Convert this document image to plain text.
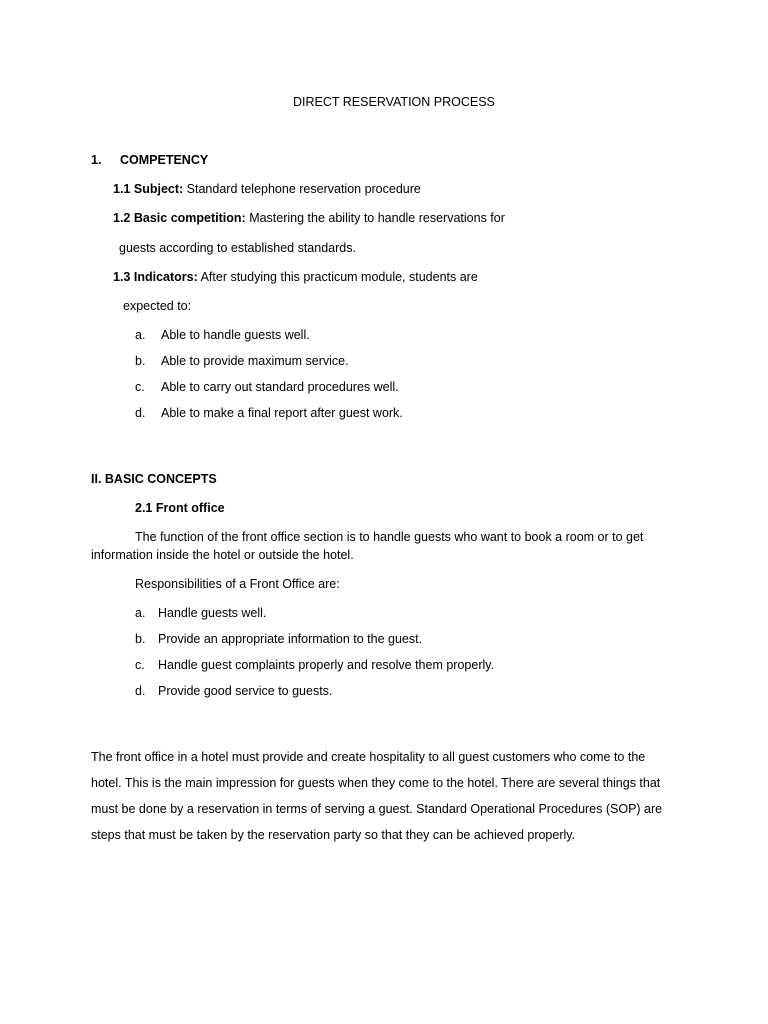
DIRECT RESERVATION PROCESS
1. COMPETENCY
1.1 Subject: Standard telephone reservation procedure
1.2 Basic competition: Mastering the ability to handle reservations for
guests according to established standards.
1.3 Indicators: After studying this practicum module, students are
expected to:
a. Able to handle guests well.
b. Able to provide maximum service.
c. Able to carry out standard procedures well.
d. Able to make a final report after guest work.
II. BASIC CONCEPTS
2.1 Front office
The function of the front office section is to handle guests who want to book a room or to get
information inside the hotel or outside the hotel.
Responsibilities of a Front Office are:
a. Handle guests well.
b. Provide an appropriate information to the guest.
c. Handle guest complaints properly and resolve them properly.
d. Provide good service to guests.
The front office in a hotel must provide and create hospitality to all guest customers who come to the
hotel. This is the main impression for guests when they come to the hotel. There are several things that
must be done by a reservation in terms of serving a guest. Standard Operational Procedures (SOP) are
steps that must be taken by the reservation party so that they can be achieved properly.
